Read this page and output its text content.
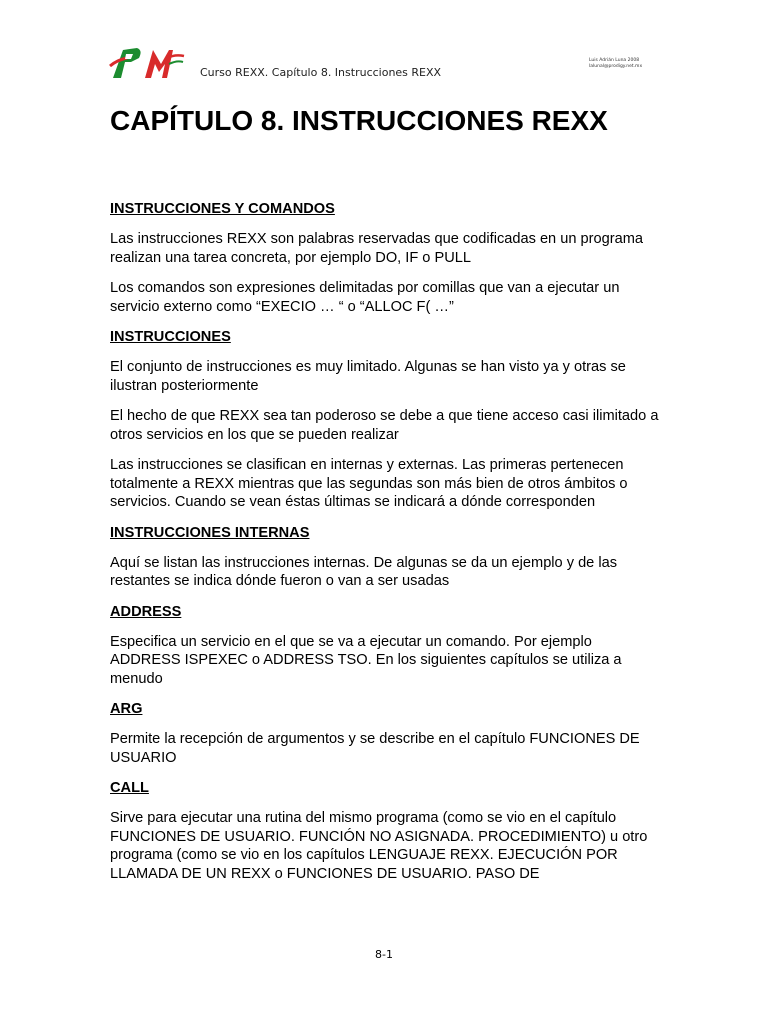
Curso REXX. Capítulo 8. Instrucciones REXX
Luis Adrián Luna 2008
lalunal@prodigy.net.mx
CAPÍTULO 8. INSTRUCCIONES REXX
INSTRUCCIONES Y COMANDOS

Las instrucciones REXX son palabras reservadas que codificadas en un programa realizan una tarea concreta, por ejemplo DO, IF o PULL

Los comandos son expresiones delimitadas por comillas que van a ejecutar un servicio externo como “EXECIO … “ o “ALLOC F( …”

INSTRUCCIONES

El conjunto de instrucciones es muy limitado. Algunas se han visto ya y otras se ilustran posteriormente

El hecho de que REXX sea tan poderoso se debe a que tiene acceso casi ilimitado a otros servicios en los que se pueden realizar

Las instrucciones se clasifican en internas y externas. Las primeras pertenecen totalmente a REXX mientras que las segundas son más bien de otros ámbitos o servicios. Cuando se vean éstas últimas se indicará a dónde corresponden

INSTRUCCIONES INTERNAS

Aquí se listan las instrucciones internas. De algunas se da un ejemplo y de las restantes se indica dónde fueron o van a ser usadas

ADDRESS

Especifica un servicio en el que se va a ejecutar un comando. Por ejemplo ADDRESS ISPEXEC o ADDRESS TSO. En los siguientes capítulos se utiliza a menudo

ARG

Permite la recepción de argumentos y se describe en el capítulo FUNCIONES DE USUARIO

CALL

Sirve para ejecutar una rutina del mismo programa (como se vio en el capítulo FUNCIONES DE USUARIO. FUNCIÓN NO ASIGNADA. PROCEDIMIENTO) u otro programa (como se vio en los capítulos LENGUAJE REXX. EJECUCIÓN POR LLAMADA DE UN REXX o FUNCIONES DE USUARIO. PASO DE

8-1
